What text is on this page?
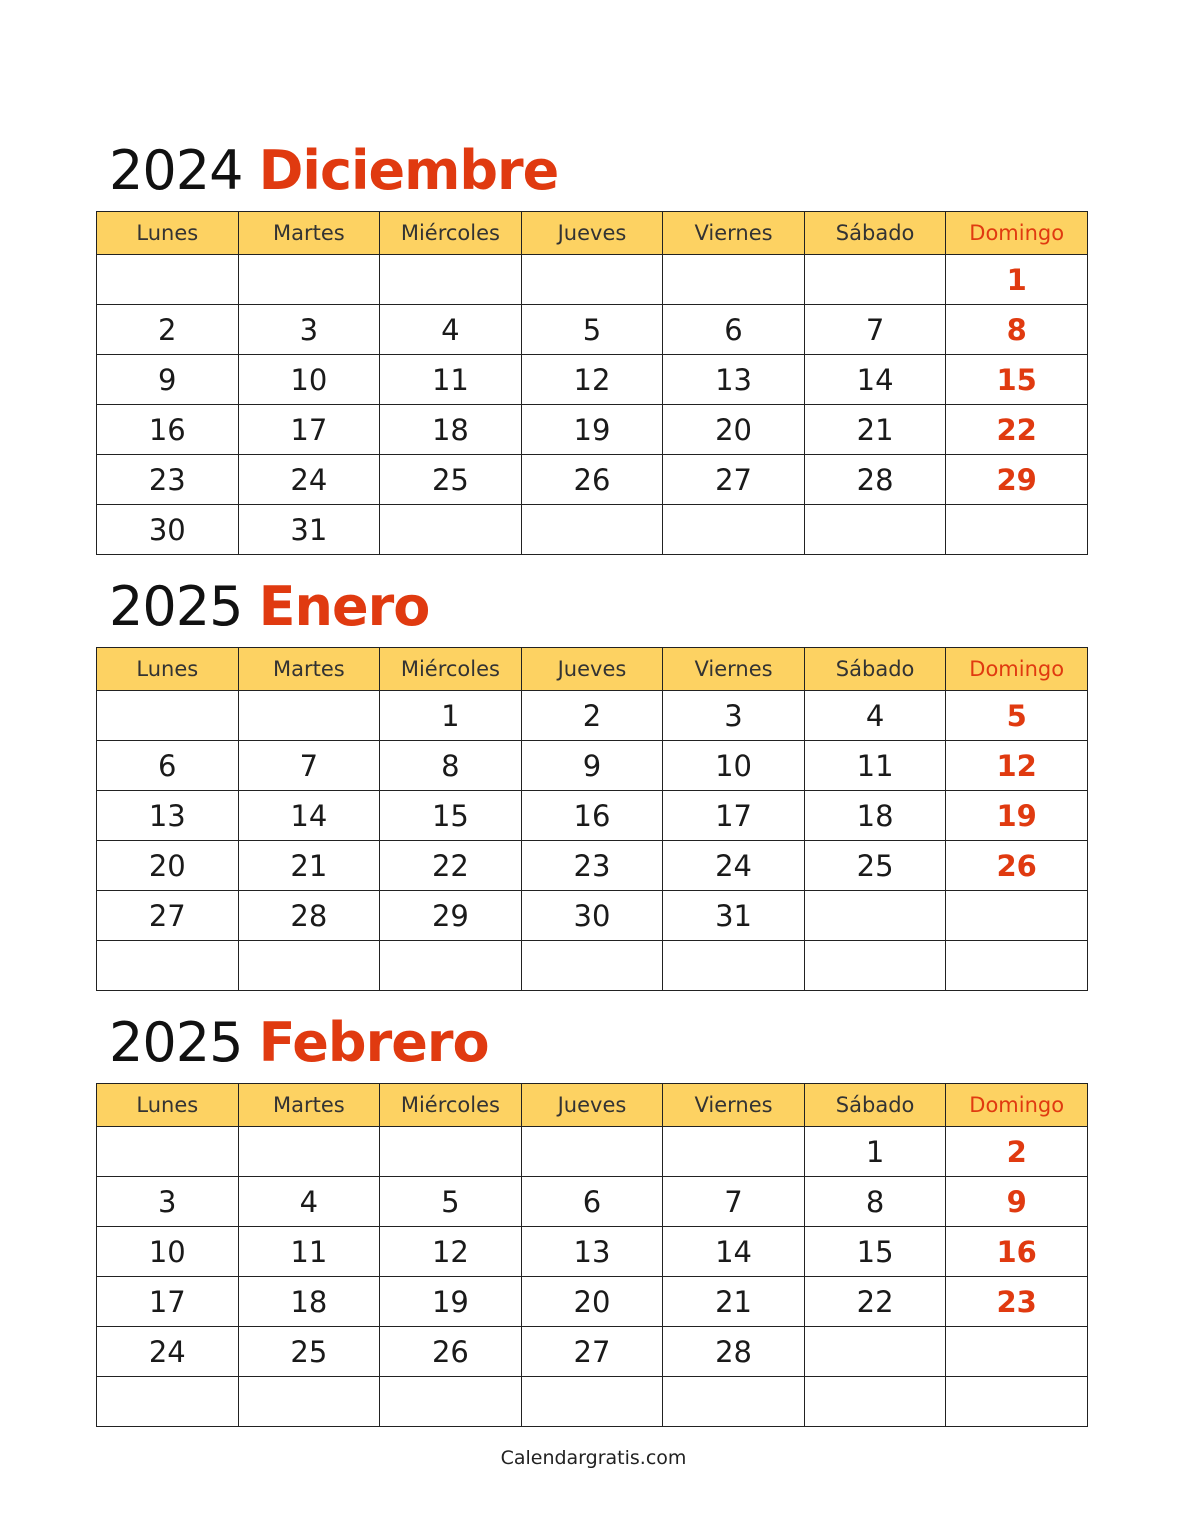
2024 Diciembre
Lunes	Martes	Miércoles	Jueves	Viernes	Sábado	Domingo
						1
2	3	4	5	6	7	8
9	10	11	12	13	14	15
16	17	18	19	20	21	22
23	24	25	26	27	28	29
30	31					
2025 Enero
Lunes	Martes	Miércoles	Jueves	Viernes	Sábado	Domingo
		1	2	3	4	5
6	7	8	9	10	11	12
13	14	15	16	17	18	19
20	21	22	23	24	25	26
27	28	29	30	31		

2025 Febrero
Lunes	Martes	Miércoles	Jueves	Viernes	Sábado	Domingo
					1	2
3	4	5	6	7	8	9
10	11	12	13	14	15	16
17	18	19	20	21	22	23
24	25	26	27	28		

Calendargratis.com
